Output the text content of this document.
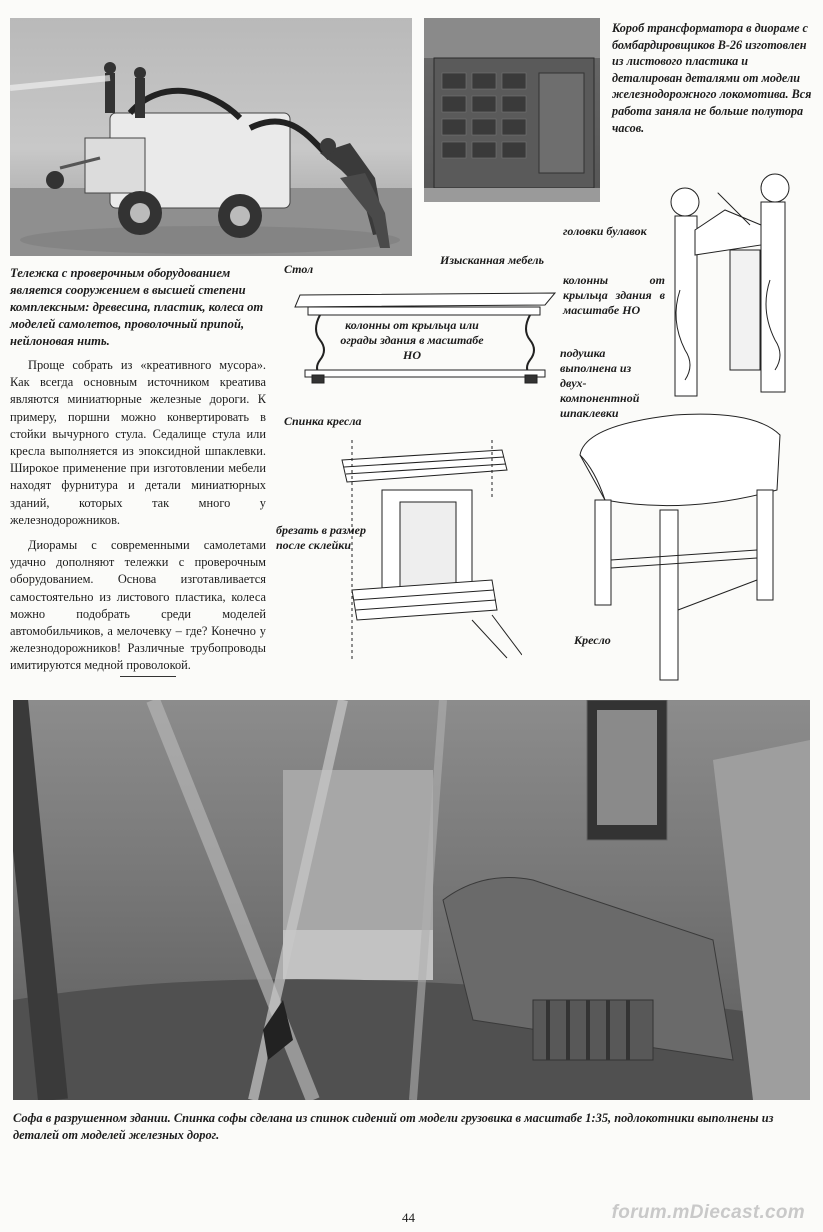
Короб трансформатора в диораме с бомбардировщиков B-26 изготовлен из листового пластика и деталирован деталями от модели железнодорожного локомотива. Вся работа заняла не больше полутора часов.
Тележка с проверочным оборудованием является сооружением в высшей степени комплексным: древесина, пластик, колеса от моделей самолетов, проволочный припой, нейлоновая нить.

Проще собрать из «креативного мусора». Как всегда основным источником креатива являются миниатюрные железные дороги. К примеру, поршни можно конвертировать в стойки вычурного стула. Седалище стула или кресла выполняется из эпоксидной шпаклевки. Широкое применение при изготовлении мебели находят фурнитура и детали миниатюрных зданий, которых так много у железнодорожников.

Диорамы с современными самолетами удачно дополняют тележки с проверочным оборудованием. Основа изготавливается самостоятельно из листового пластика, колеса можно подобрать среди моделей автомобильчиков, а мелочевку – где? Конечно у железнодорожников! Различные трубопроводы имитируются медной проволокой.

Изысканная мебель
Стол
колонны от крыльца или ограды здания в масштабе НО
Спинка кресла
брезать в размер после склейки
головки булавок
колонны от крыльца здания в масштабе НО
подушка выполнена из двух-компонентной шпаклевки
Кресло
Софа в разрушенном здании. Спинка софы сделана из спинок сидений от модели грузовика в масштабе 1:35, подлокотники выполнены из деталей от моделей железных дорог.
44	forum.mDiecast.com
